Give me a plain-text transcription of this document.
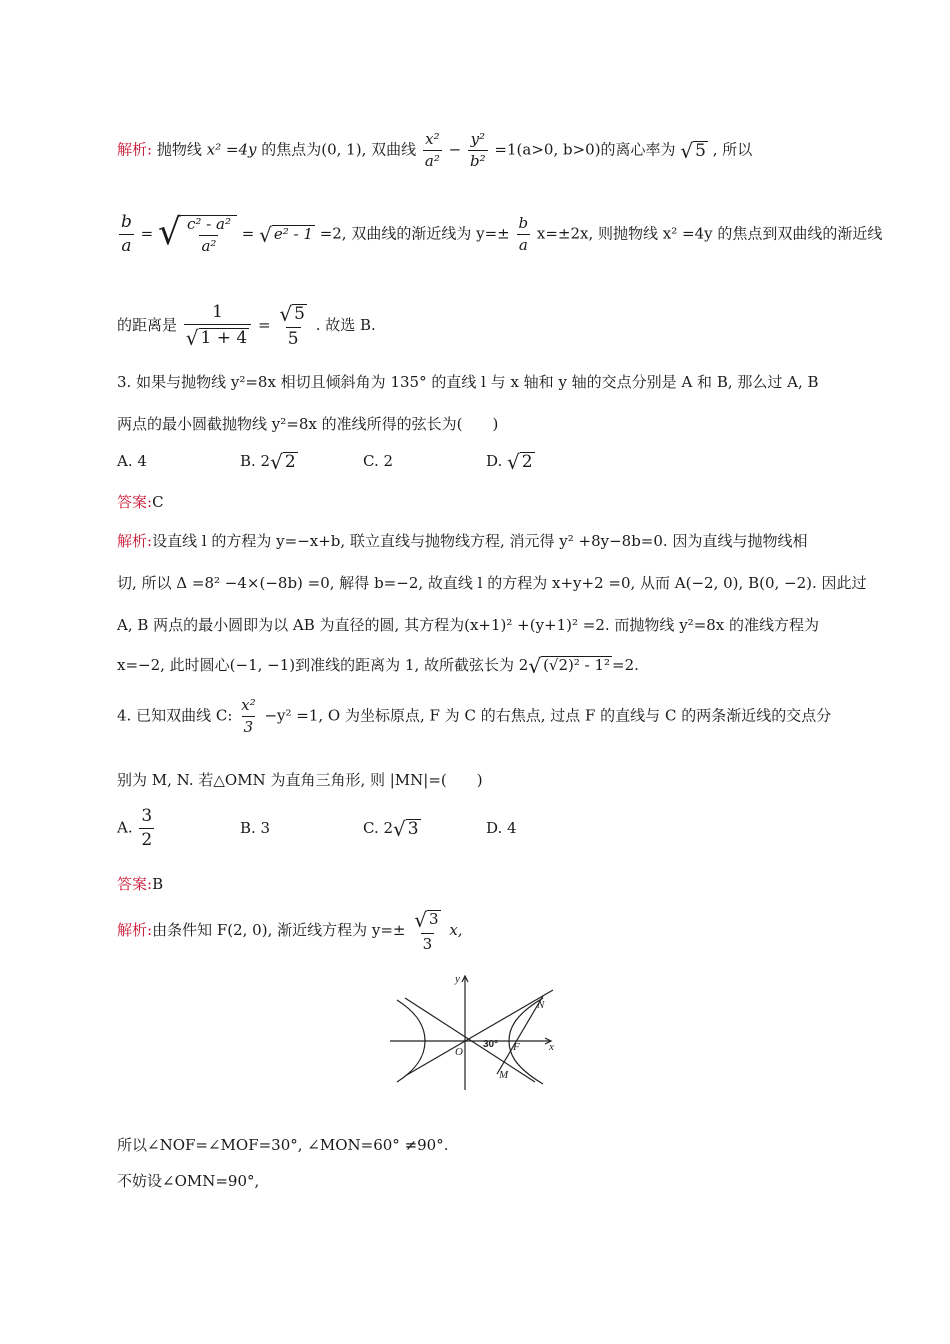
解析: 抛物线 x² =4y 的焦点为(0, 1), 双曲线 $\frac{\text{x²}}{\text{a²}} - \frac{\text{y²}}{\text{b²}} =1(a>0$, b>0)的离心率为 √ 5 , 所以
$\frac{b}{a}$ = √ $\frac{\text{c² - a²}}{\text{a²}}$ = √ e² - 1 =2, 双曲线的渐近线为 $y=\pm \frac{b}{a} x=\pm 2x$, 则抛物线 x² =4y 的焦点到双曲线的渐近线
的距离是 $\frac{1}{√ 1 + 4} = \frac{√ 5}{5}$ . 故选 B.
3. 如果与抛物线 y²=8x 相切且倾斜角为 135° 的直线 l 与 x 轴和 y 轴的交点分别是 A 和 B, 那么过 A, B
两点的最小圆截抛物线 y²=8x 的准线所得的弦长为(　　)
A. 4	B. 2 √ 2	C. 2	D. √ 2
答案:C
解析:设直线 l 的方程为 y=−x+b, 联立直线与抛物线方程, 消元得 y² +8y−8b=0. 因为直线与抛物线相
切, 所以 Δ =8² −4×(−8b) =0, 解得 b=−2, 故直线 l 的方程为 x+y+2 =0, 从而 A(−2, 0), B(0, −2). 因此过
A, B 两点的最小圆即为以 AB 为直径的圆, 其方程为(x+1)² +(y+1)² =2. 而抛物线 y²=8x 的准线方程为
x=−2, 此时圆心(−1, −1)到准线的距离为 1, 故所截弦长为 2 √ (√2)² - 1² =2.
4. 已知双曲线 C: $\frac{\text{x²}}{3} -y^2 =1$, O 为坐标原点, F 为 C 的右焦点, 过点 F 的直线与 C 的两条渐近线的交点分
别为 M, N. 若△OMN 为直角三角形, 则 |MN|=(　　)
A. $\frac{3}{2}$	B. 3	C. 2 √ 3	D. 4
答案:B
解析:由条件知 F(2, 0), 渐近线方程为 $y=\pm \frac{√ 3}{3} x$,
y
x
O
N
F
M
30°
所以∠NOF=∠MOF=30°, ∠MON=60° ≠90°.
不妨设∠OMN=90°,
